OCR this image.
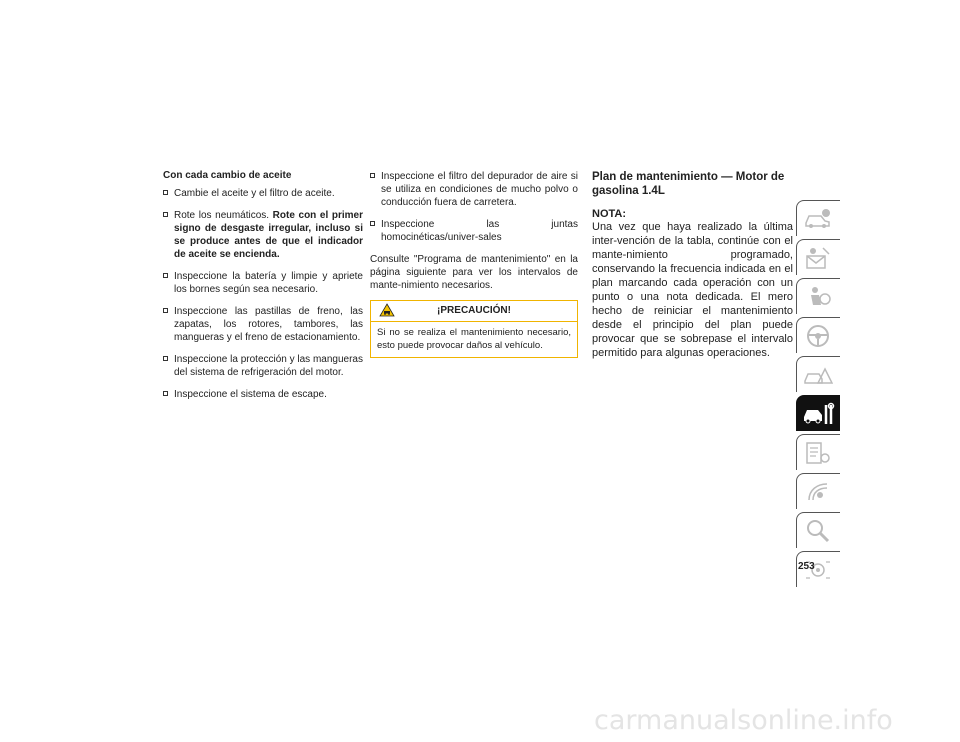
Con cada cambio de aceite

Cambie el aceite y el filtro de aceite.
Rote los neumáticos. Rote con el primer signo de desgaste irregular, incluso si se produce antes de que el indicador de aceite se encienda.
Inspeccione la batería y limpie y apriete los bornes según sea necesario.
Inspeccione las pastillas de freno, las zapatas, los rotores, tambores, las mangueras y el freno de estacionamiento.
Inspeccione la protección y las mangueras del sistema de refrigeración del motor.
Inspeccione el sistema de escape.
Inspeccione el filtro del depurador de aire si se utiliza en condiciones de mucho polvo o conducción fuera de carretera.
Inspeccione las juntas homocinéticas/univer-sales

Consulte "Programa de mantenimiento" en la página siguiente para ver los intervalos de mante-nimiento necesarios.

¡PRECAUCIÓN!
Si no se realiza el mantenimiento necesario, esto puede provocar daños al vehículo.

Plan de mantenimiento — Motor de
gasolina 1.4L

NOTA:

Una vez que haya realizado la última inter-vención de la tabla, continúe con el mante-nimiento programado, conservando la frecuencia indicada en el plan marcando cada operación con un punto o una nota dedicada. El mero hecho de reiniciar el mantenimiento desde el principio del plan puede provocar que se sobrepase el intervalo permitido para algunas operaciones.

253
carmanualsonline.info
